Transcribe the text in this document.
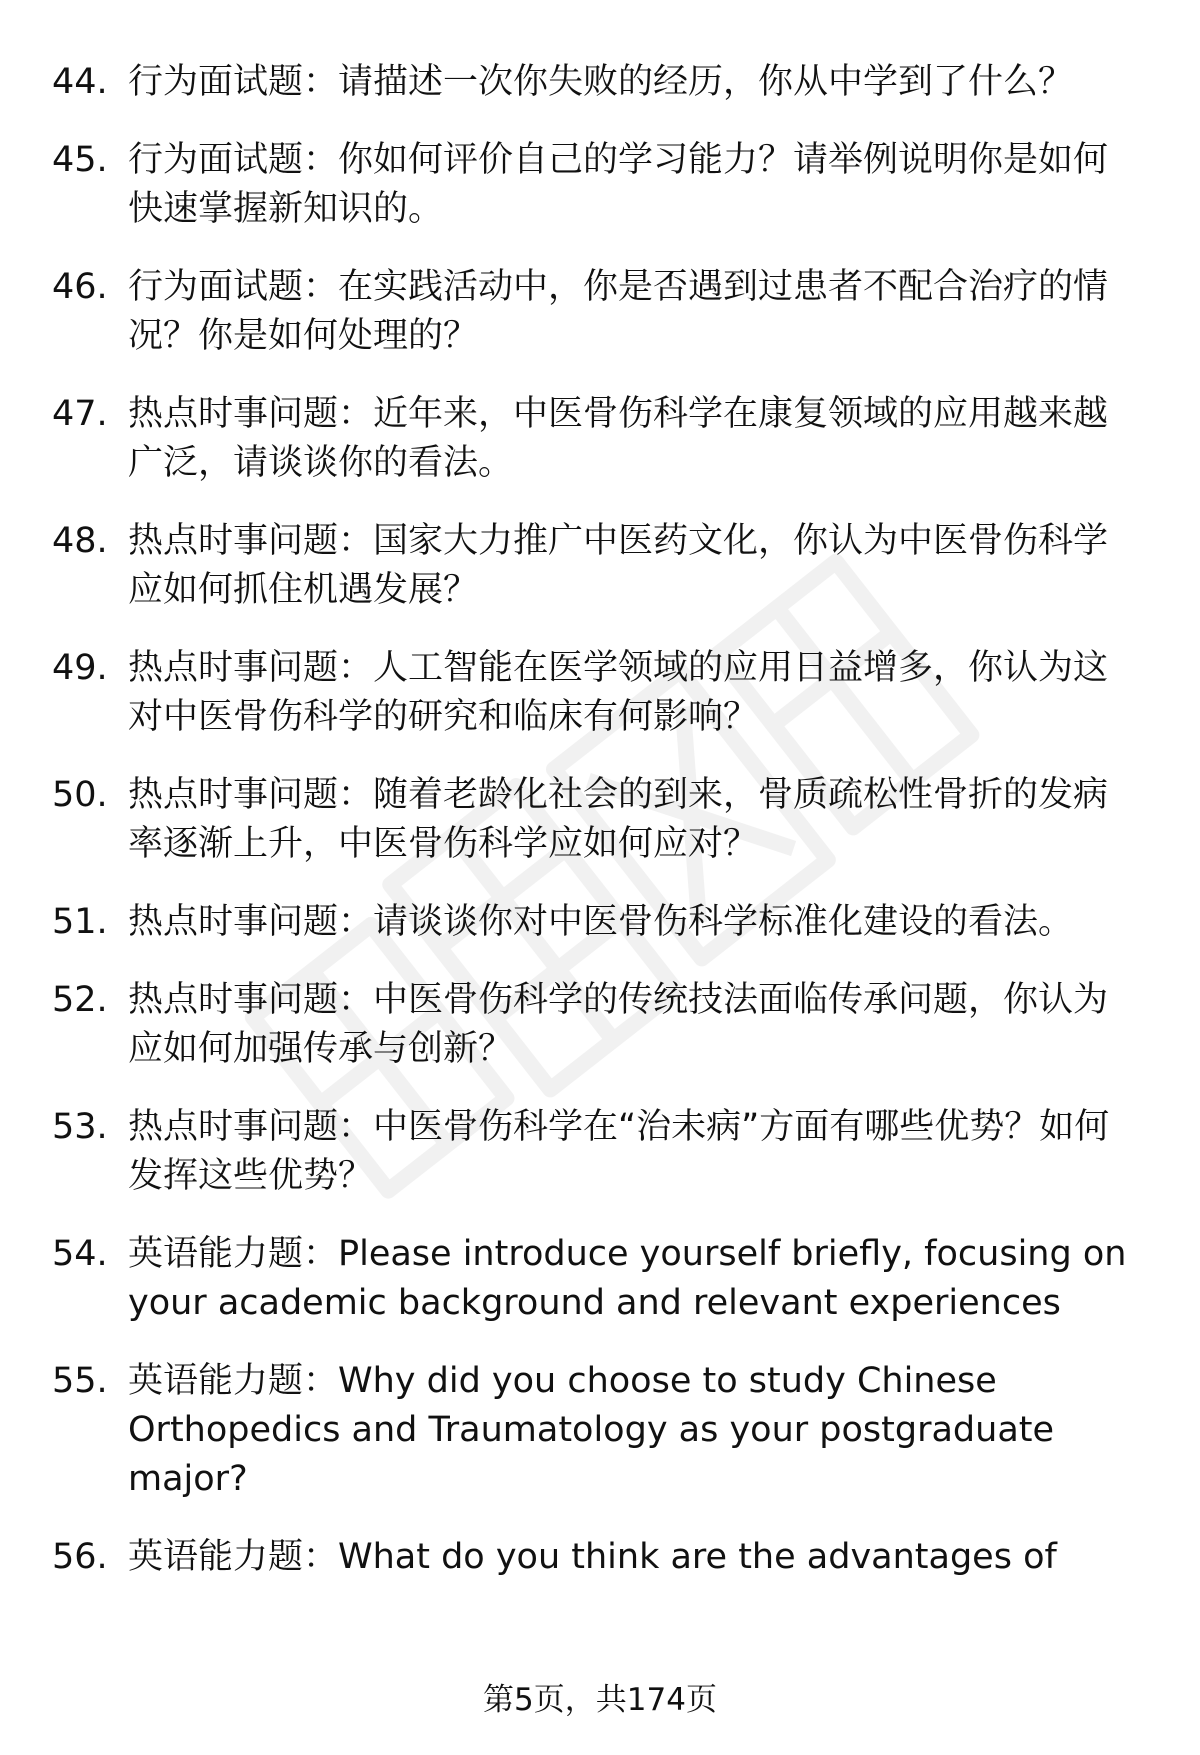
44. 行为面试题：请描述一次你失败的经历，你从中学到了什么？
45. 行为面试题：你如何评价自己的学习能力？请举例说明你是如何快速掌握新知识的。
46. 行为面试题：在实践活动中，你是否遇到过患者不配合治疗的情况？你是如何处理的？
47. 热点时事问题：近年来，中医骨伤科学在康复领域的应用越来越广泛，请谈谈你的看法。
48. 热点时事问题：国家大力推广中医药文化，你认为中医骨伤科学应如何抓住机遇发展？
49. 热点时事问题：人工智能在医学领域的应用日益增多，你认为这对中医骨伤科学的研究和临床有何影响？
50. 热点时事问题：随着老龄化社会的到来，骨质疏松性骨折的发病率逐渐上升，中医骨伤科学应如何应对？
51. 热点时事问题：请谈谈你对中医骨伤科学标准化建设的看法。
52. 热点时事问题：中医骨伤科学的传统技法面临传承问题，你认为应如何加强传承与创新？
53. 热点时事问题：中医骨伤科学在“治未病”方面有哪些优势？如何发挥这些优势？
54. 英语能力题：Please introduce yourself briefly, focusing on your academic background and relevant experiences
55. 英语能力题：Why did you choose to study Chinese Orthopedics and Traumatology as your postgraduate major?
56. 英语能力题：What do you think are the advantages of
第5页，共174页
